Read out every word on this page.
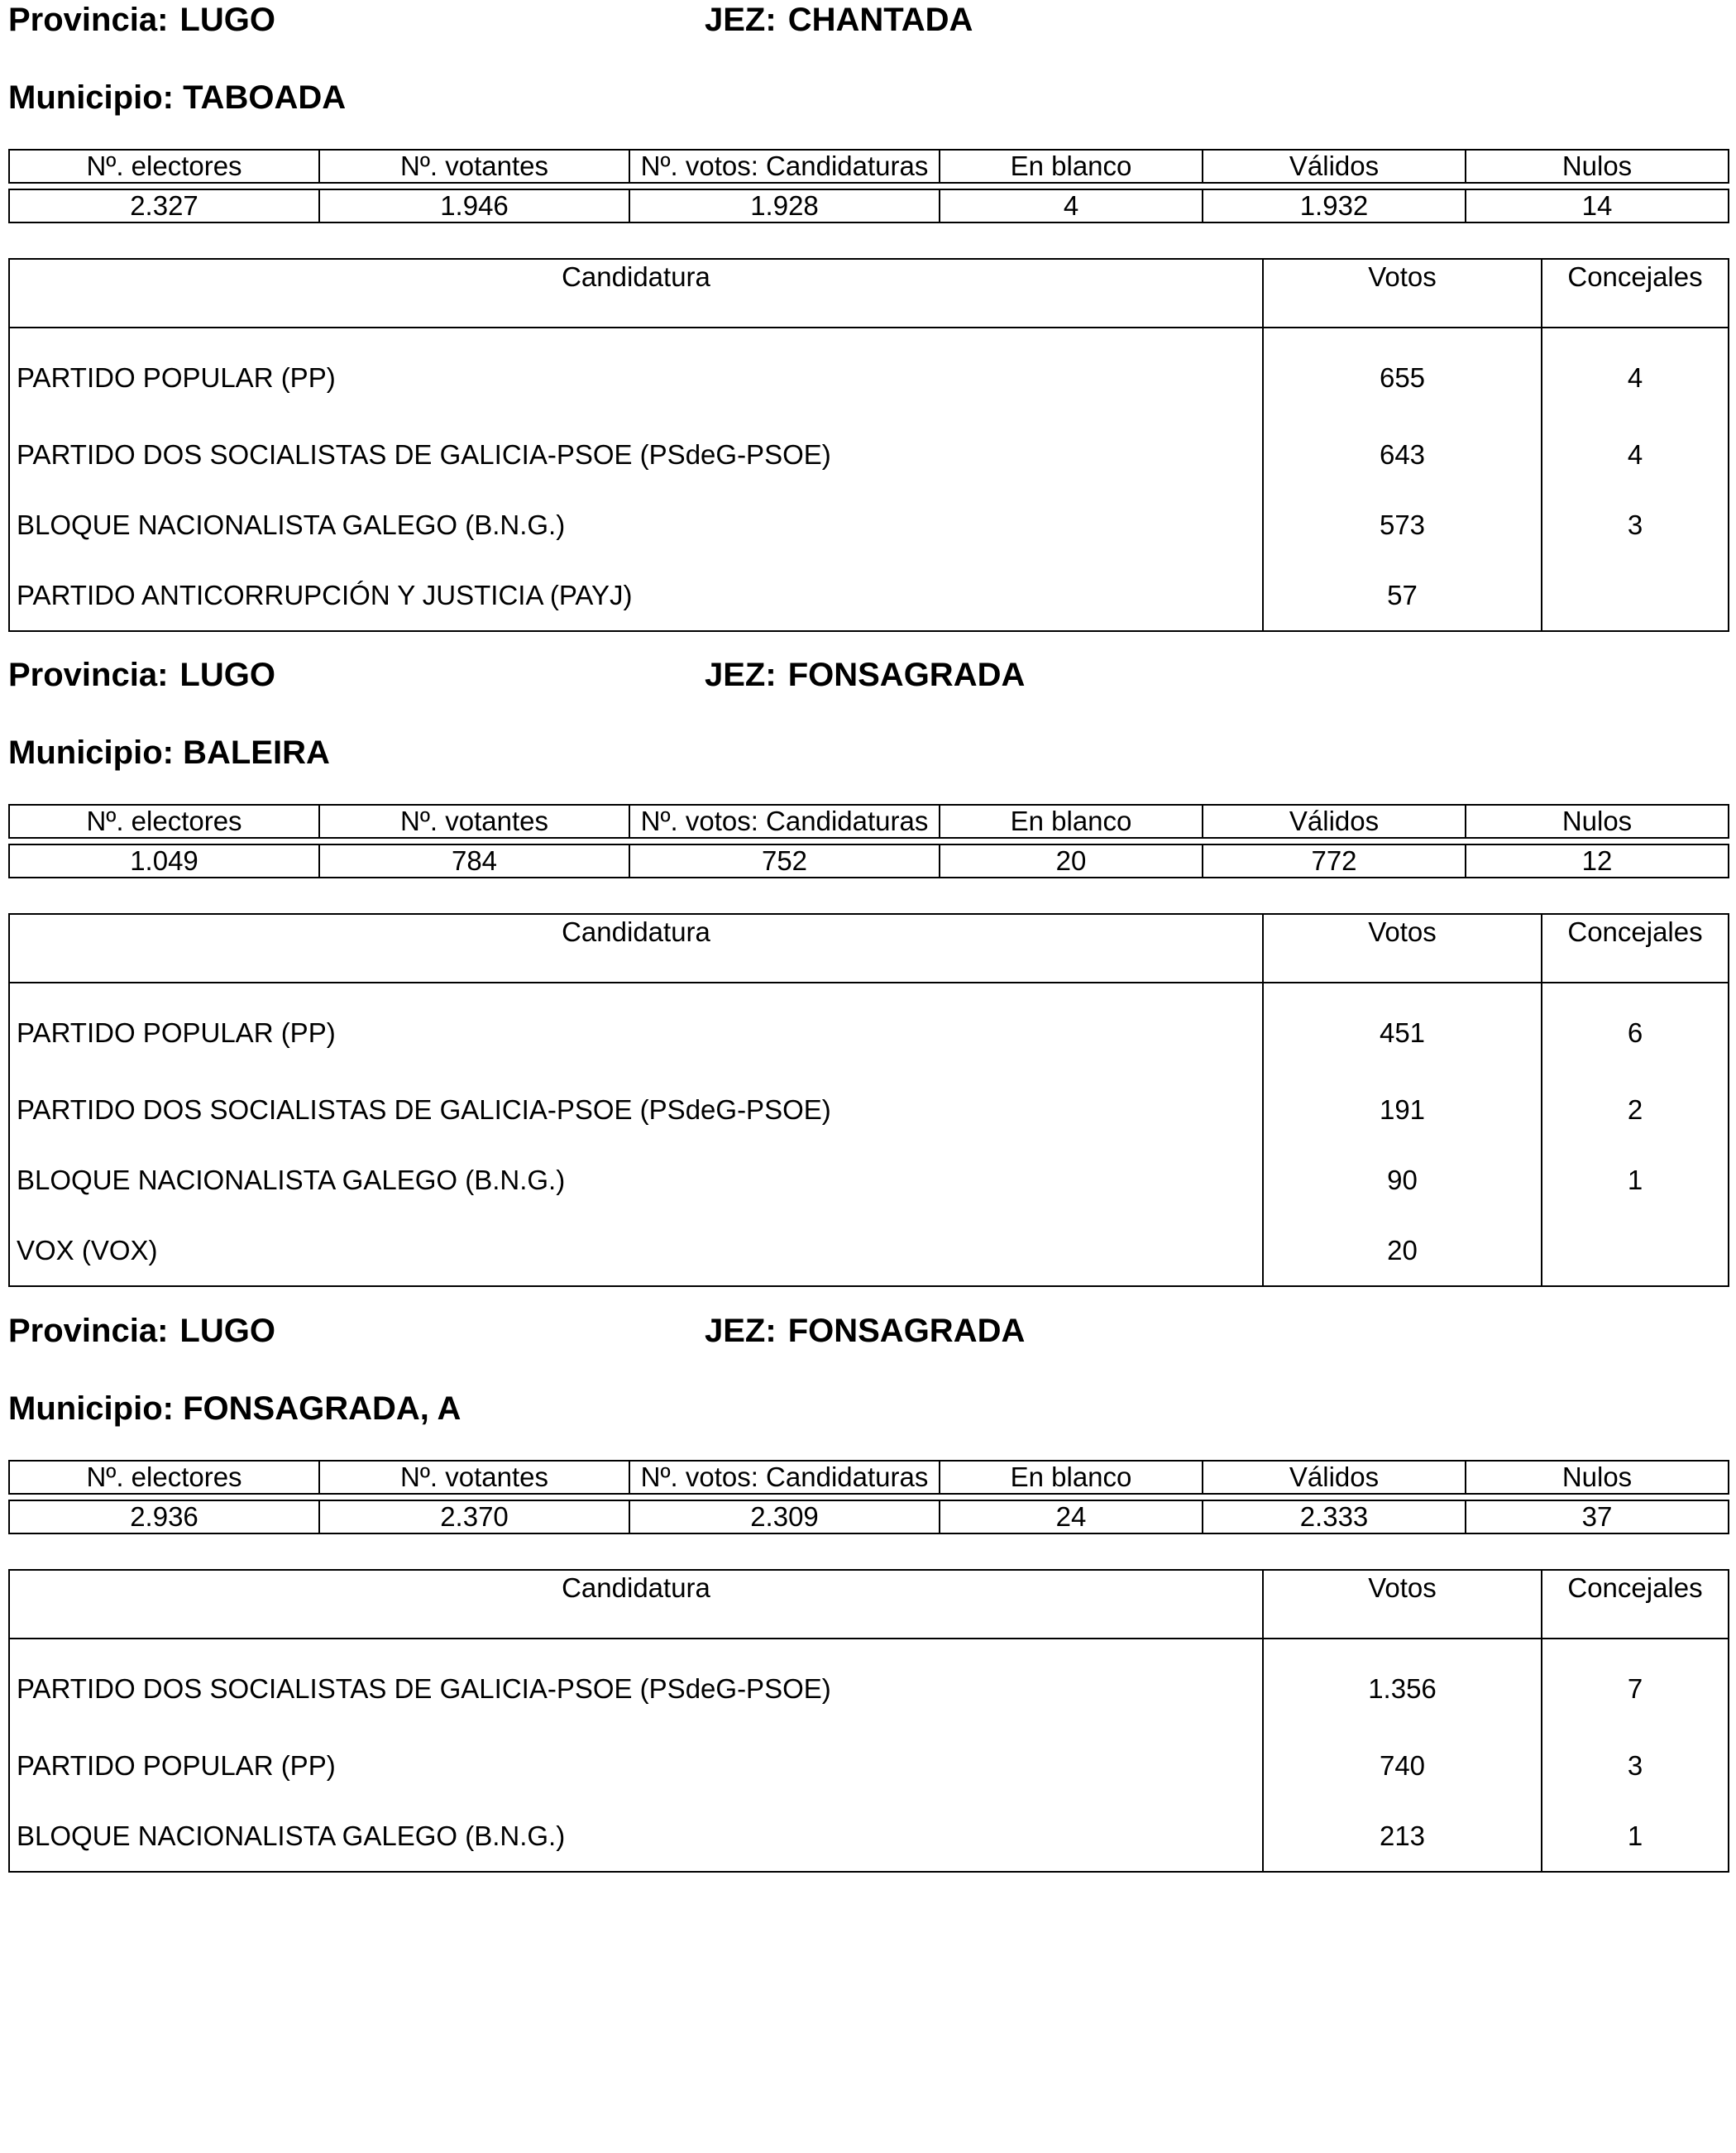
Provincia: LUGO	JEZ: CHANTADA
Municipio: TABOADA
Nº. electores	Nº. votantes	Nº. votos: Candidaturas	En blanco	Válidos	Nulos

2.327	1.946	1.928	4	1.932	14
Candidatura	Votos	Concejales
PARTIDO POPULAR (PP)	655	4
PARTIDO DOS SOCIALISTAS DE GALICIA-PSOE (PSdeG-PSOE)	643	4
BLOQUE NACIONALISTA GALEGO (B.N.G.)	573	3
PARTIDO ANTICORRUPCIÓN Y JUSTICIA (PAYJ)	57	
Provincia: LUGO	JEZ: FONSAGRADA
Municipio: BALEIRA
Nº. electores	Nº. votantes	Nº. votos: Candidaturas	En blanco	Válidos	Nulos

1.049	784	752	20	772	12
Candidatura	Votos	Concejales
PARTIDO POPULAR (PP)	451	6
PARTIDO DOS SOCIALISTAS DE GALICIA-PSOE (PSdeG-PSOE)	191	2
BLOQUE NACIONALISTA GALEGO (B.N.G.)	90	1
VOX (VOX)	20	
Provincia: LUGO	JEZ: FONSAGRADA
Municipio: FONSAGRADA, A
Nº. electores	Nº. votantes	Nº. votos: Candidaturas	En blanco	Válidos	Nulos

2.936	2.370	2.309	24	2.333	37
Candidatura	Votos	Concejales
PARTIDO DOS SOCIALISTAS DE GALICIA-PSOE (PSdeG-PSOE)	1.356	7
PARTIDO POPULAR (PP)	740	3
BLOQUE NACIONALISTA GALEGO (B.N.G.)	213	1
